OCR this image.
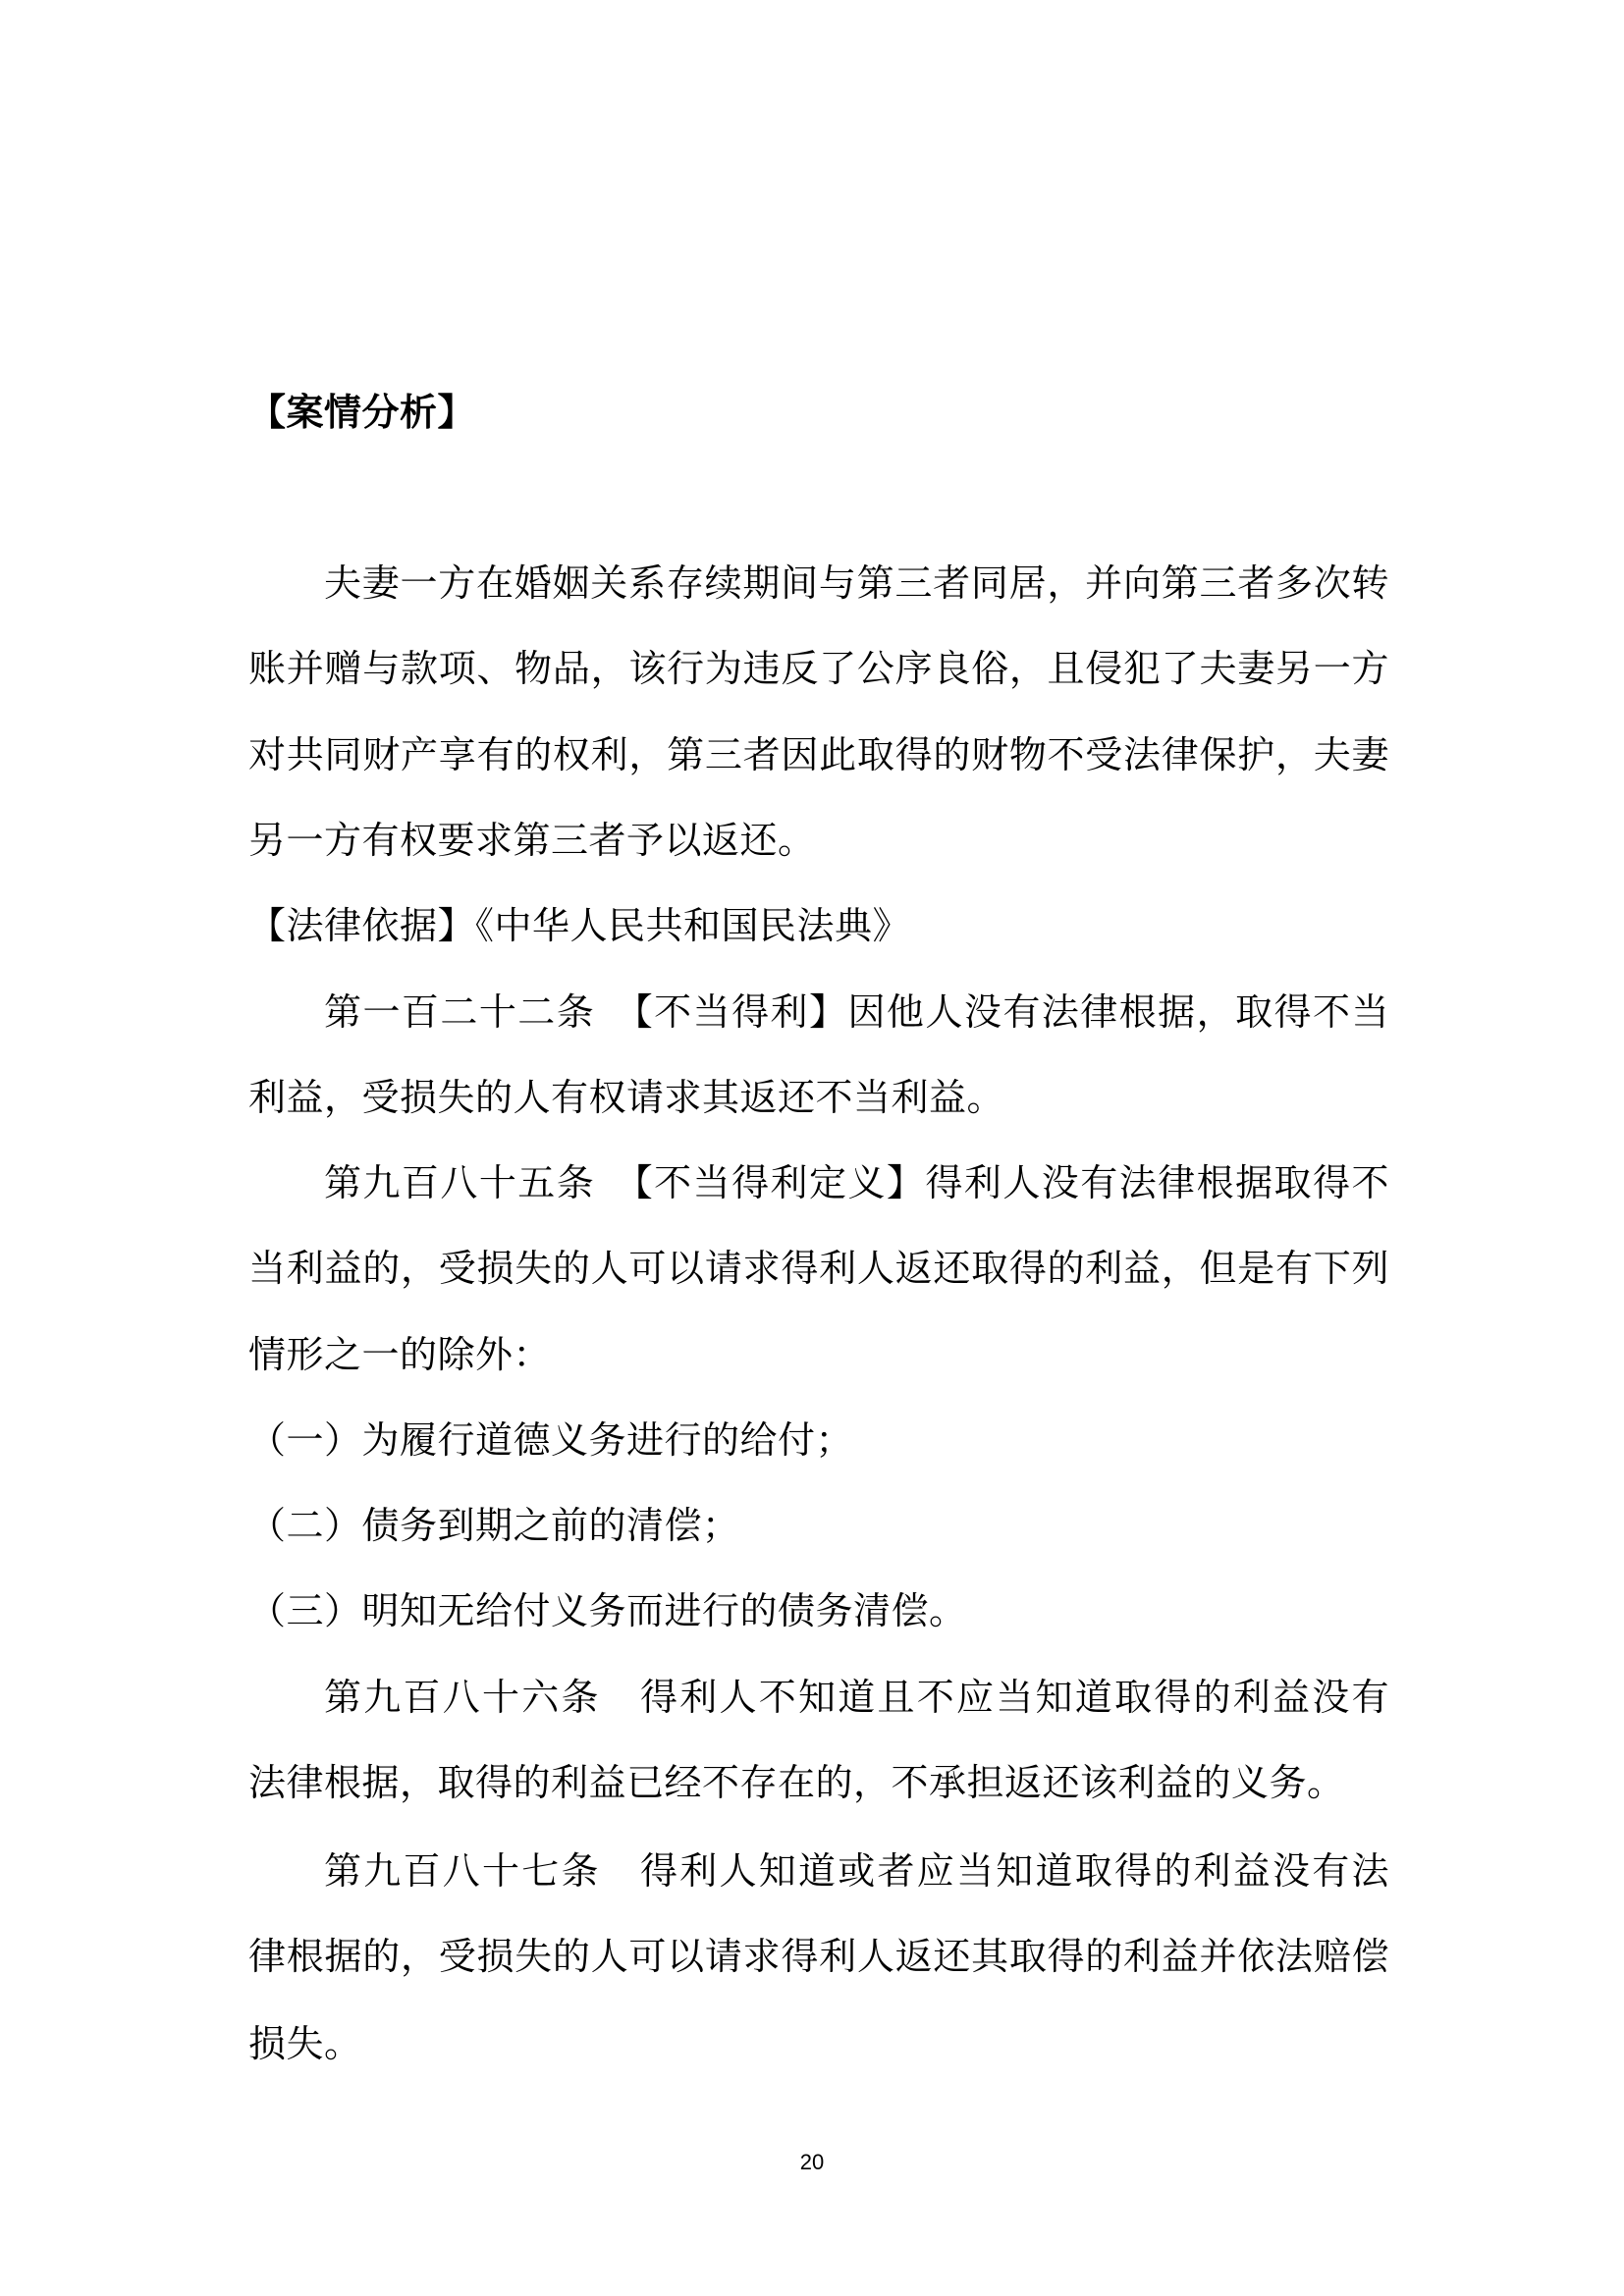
【案情分析】
夫妻一方在婚姻关系存续期间与第三者同居，并向第三者多次转
账并赠与款项、物品，该行为违反了公序良俗，且侵犯了夫妻另一方
对共同财产享有的权利，第三者因此取得的财物不受法律保护，夫妻
另一方有权要求第三者予以返还。
【法律依据】《中华人民共和国民法典》
第一百二十二条　【不当得利】因他人没有法律根据，取得不当
利益，受损失的人有权请求其返还不当利益。
第九百八十五条　【不当得利定义】得利人没有法律根据取得不
当利益的，受损失的人可以请求得利人返还取得的利益，但是有下列
情形之一的除外：
（一）为履行道德义务进行的给付；
（二）债务到期之前的清偿；
（三）明知无给付义务而进行的债务清偿。
第九百八十六条　得利人不知道且不应当知道取得的利益没有
法律根据，取得的利益已经不存在的，不承担返还该利益的义务。
第九百八十七条　得利人知道或者应当知道取得的利益没有法
律根据的，受损失的人可以请求得利人返还其取得的利益并依法赔偿
损失。
20
